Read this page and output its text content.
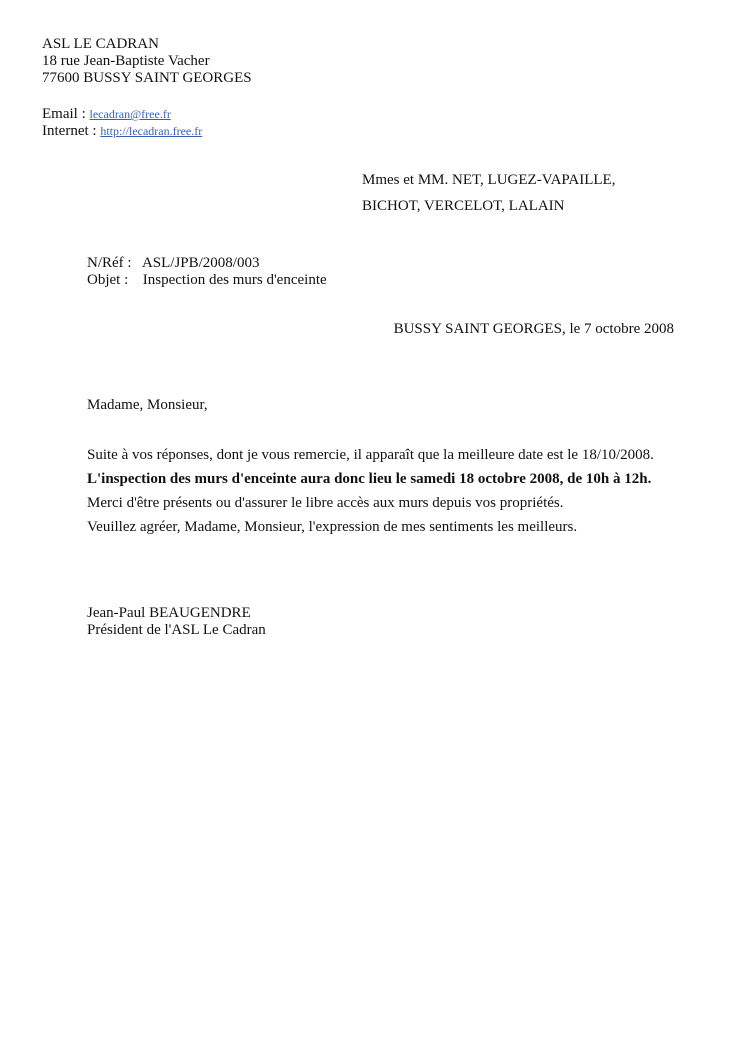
ASL LE CADRAN
18 rue Jean-Baptiste Vacher
77600 BUSSY SAINT GEORGES
Email : lecadran@free.fr
Internet : http://lecadran.free.fr
Mmes et MM. NET, LUGEZ-VAPAILLE,
BICHOT, VERCELOT, LALAIN
N/Réf : ASL/JPB/2008/003
Objet : Inspection des murs d'enceinte
BUSSY SAINT GEORGES, le 7 octobre 2008
Madame, Monsieur,
Suite à vos réponses, dont je vous remercie, il apparaît que la meilleure date est le 18/10/2008.
L'inspection des murs d'enceinte aura donc lieu le samedi 18 octobre 2008, de 10h à 12h.
Merci d'être présents ou d'assurer le libre accès aux murs depuis vos propriétés.
Veuillez agréer, Madame, Monsieur, l'expression de mes sentiments les meilleurs.
Jean-Paul BEAUGENDRE
Président de l'ASL Le Cadran
